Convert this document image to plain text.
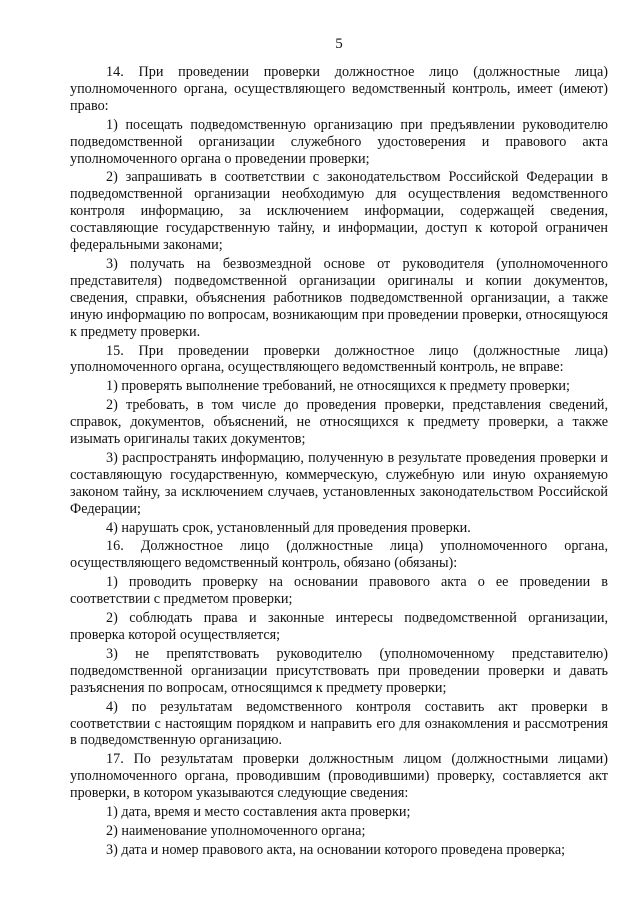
5

14. При проведении проверки должностное лицо (должностные лица) уполномоченного органа, осуществляющего ведомственный контроль, имеет (имеют) право:

1) посещать подведомственную организацию при предъявлении руководителю подведомственной организации служебного удостоверения и правового акта уполномоченного органа о проведении проверки;

2) запрашивать в соответствии с законодательством Российской Федерации в подведомственной организации необходимую для осуществления ведомственного контроля информацию, за исключением информации, содержащей сведения, составляющие государственную тайну, и информации, доступ к которой ограничен федеральными законами;

3) получать на безвозмездной основе от руководителя (уполномоченного представителя) подведомственной организации оригиналы и копии документов, сведения, справки, объяснения работников подведомственной организации, а также иную информацию по вопросам, возникающим при проведении проверки, относящуюся к предмету проверки.

15. При проведении проверки должностное лицо (должностные лица) уполномоченного органа, осуществляющего ведомственный контроль, не вправе:

1) проверять выполнение требований, не относящихся к предмету проверки;

2) требовать, в том числе до проведения проверки, представления сведений, справок, документов, объяснений, не относящихся к предмету проверки, а также изымать оригиналы таких документов;

3) распространять информацию, полученную в результате проведения проверки и составляющую государственную, коммерческую, служебную или иную охраняемую законом тайну, за исключением случаев, установленных законодательством Российской Федерации;

4) нарушать срок, установленный для проведения проверки.

16. Должностное лицо (должностные лица) уполномоченного органа, осуществляющего ведомственный контроль, обязано (обязаны):

1) проводить проверку на основании правового акта о ее проведении в соответствии с предметом проверки;

2) соблюдать права и законные интересы подведомственной организации, проверка которой осуществляется;

3) не препятствовать руководителю (уполномоченному представителю) подведомственной организации присутствовать при проведении проверки и давать разъяснения по вопросам, относящимся к предмету проверки;

4) по результатам ведомственного контроля составить акт проверки в соответствии с настоящим порядком и направить его для ознакомления и рассмотрения в подведомственную организацию.

17. По результатам проверки должностным лицом (должностными лицами) уполномоченного органа, проводившим (проводившими) проверку, составляется акт проверки, в котором указываются следующие сведения:

1) дата, время и место составления акта проверки;

2) наименование уполномоченного органа;

3) дата и номер правового акта, на основании которого проведена проверка;
